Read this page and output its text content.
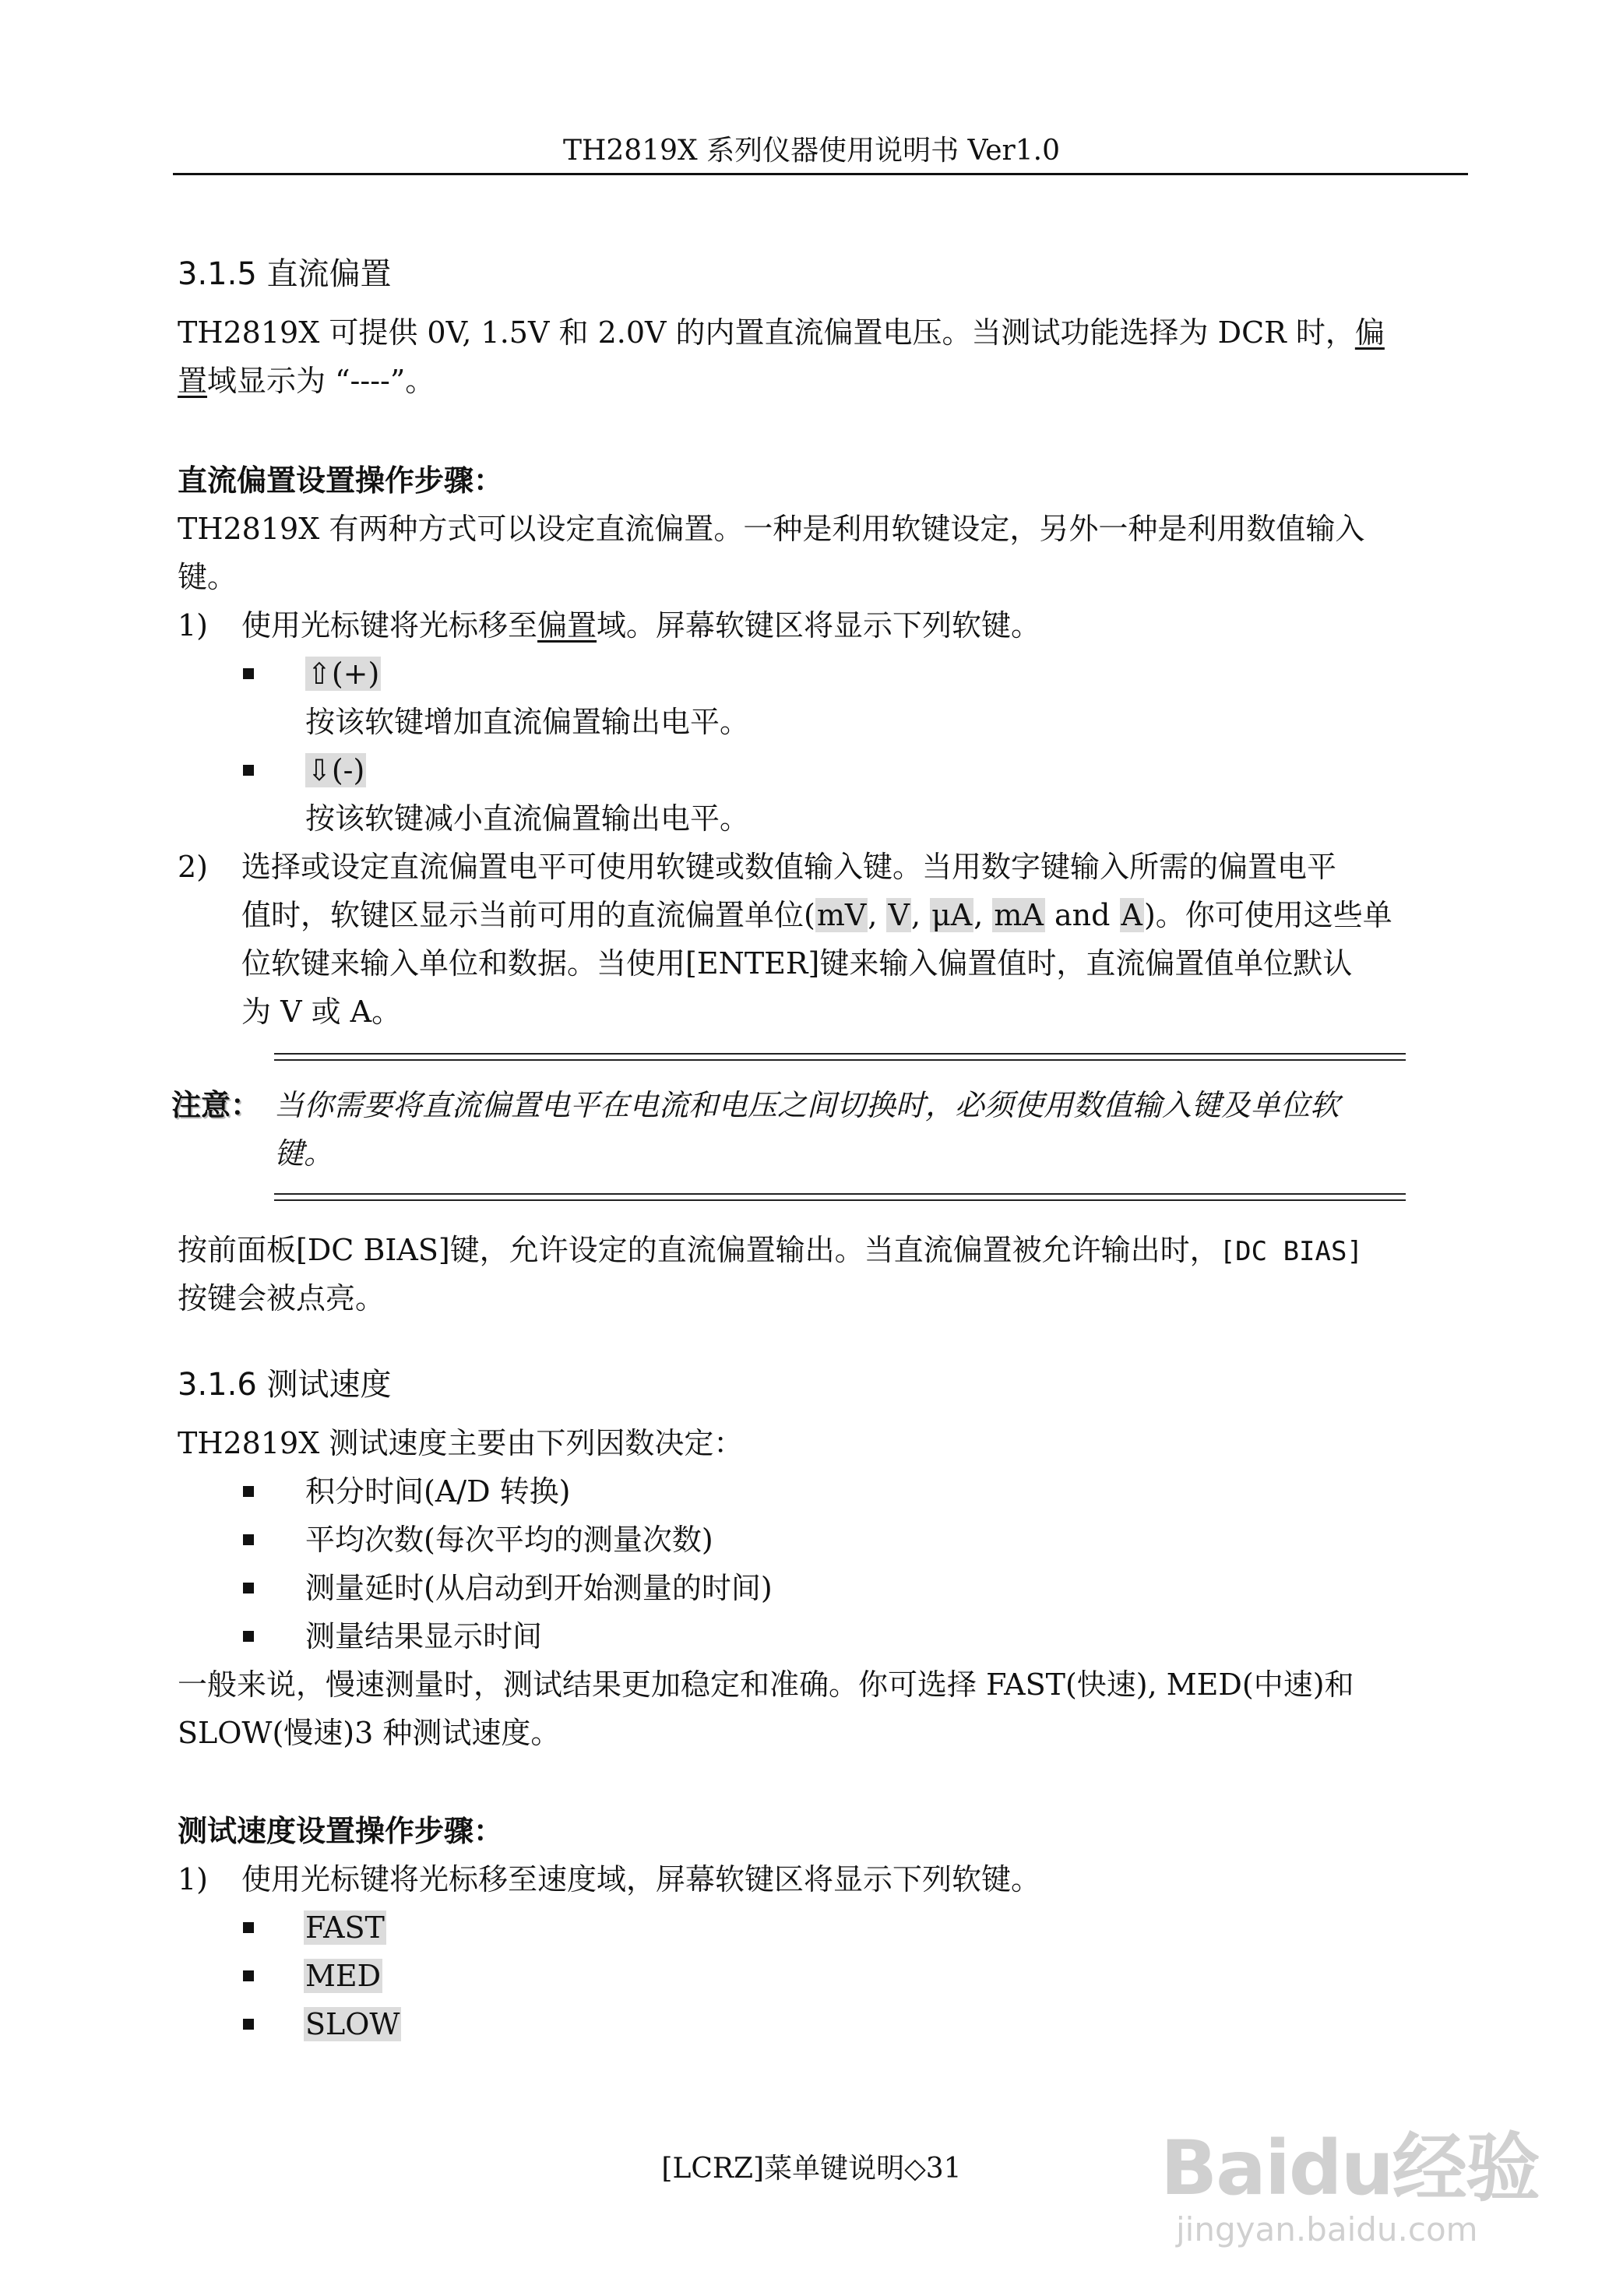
TH2819X 系列仪器使用说明书 Ver1.0
3.1.5 直流偏置
TH2819X 可提供 0V, 1.5V 和 2.0V 的内置直流偏置电压。当测试功能选择为 DCR 时，偏
置域显示为 “----”。
直流偏置设置操作步骤：
TH2819X 有两种方式可以设定直流偏置。一种是利用软键设定，另外一种是利用数值输入
键。
1) 使用光标键将光标移至偏置域。屏幕软键区将显示下列软键。
⇧(+)
按该软键增加直流偏置输出电平。
⇩(-)
按该软键减小直流偏置输出电平。
2) 选择或设定直流偏置电平可使用软键或数值输入键。当用数字键输入所需的偏置电平
值时，软键区显示当前可用的直流偏置单位(mV, V, μA, mA and A)。你可使用这些单
位软键来输入单位和数据。当使用[ENTER]键来输入偏置值时，直流偏置值单位默认
为 V 或 A。
注意： 当你需要将直流偏置电平在电流和电压之间切换时，必须使用数值输入键及单位软
键。
按前面板[DC BIAS]键，允许设定的直流偏置输出。当直流偏置被允许输出时，[DC BIAS]
按键会被点亮。
3.1.6 测试速度
TH2819X 测试速度主要由下列因数决定：
积分时间(A/D 转换)
平均次数(每次平均的测量次数)
测量延时(从启动到开始测量的时间)
测量结果显示时间
一般来说，慢速测量时，测试结果更加稳定和准确。你可选择 FAST(快速), MED(中速)和
SLOW(慢速)3 种测试速度。
测试速度设置操作步骤：
1) 使用光标键将光标移至速度域，屏幕软键区将显示下列软键。
FAST
MED
SLOW
[LCRZ]菜单键说明◇31	Baidu经验
jingyan.baidu.com
